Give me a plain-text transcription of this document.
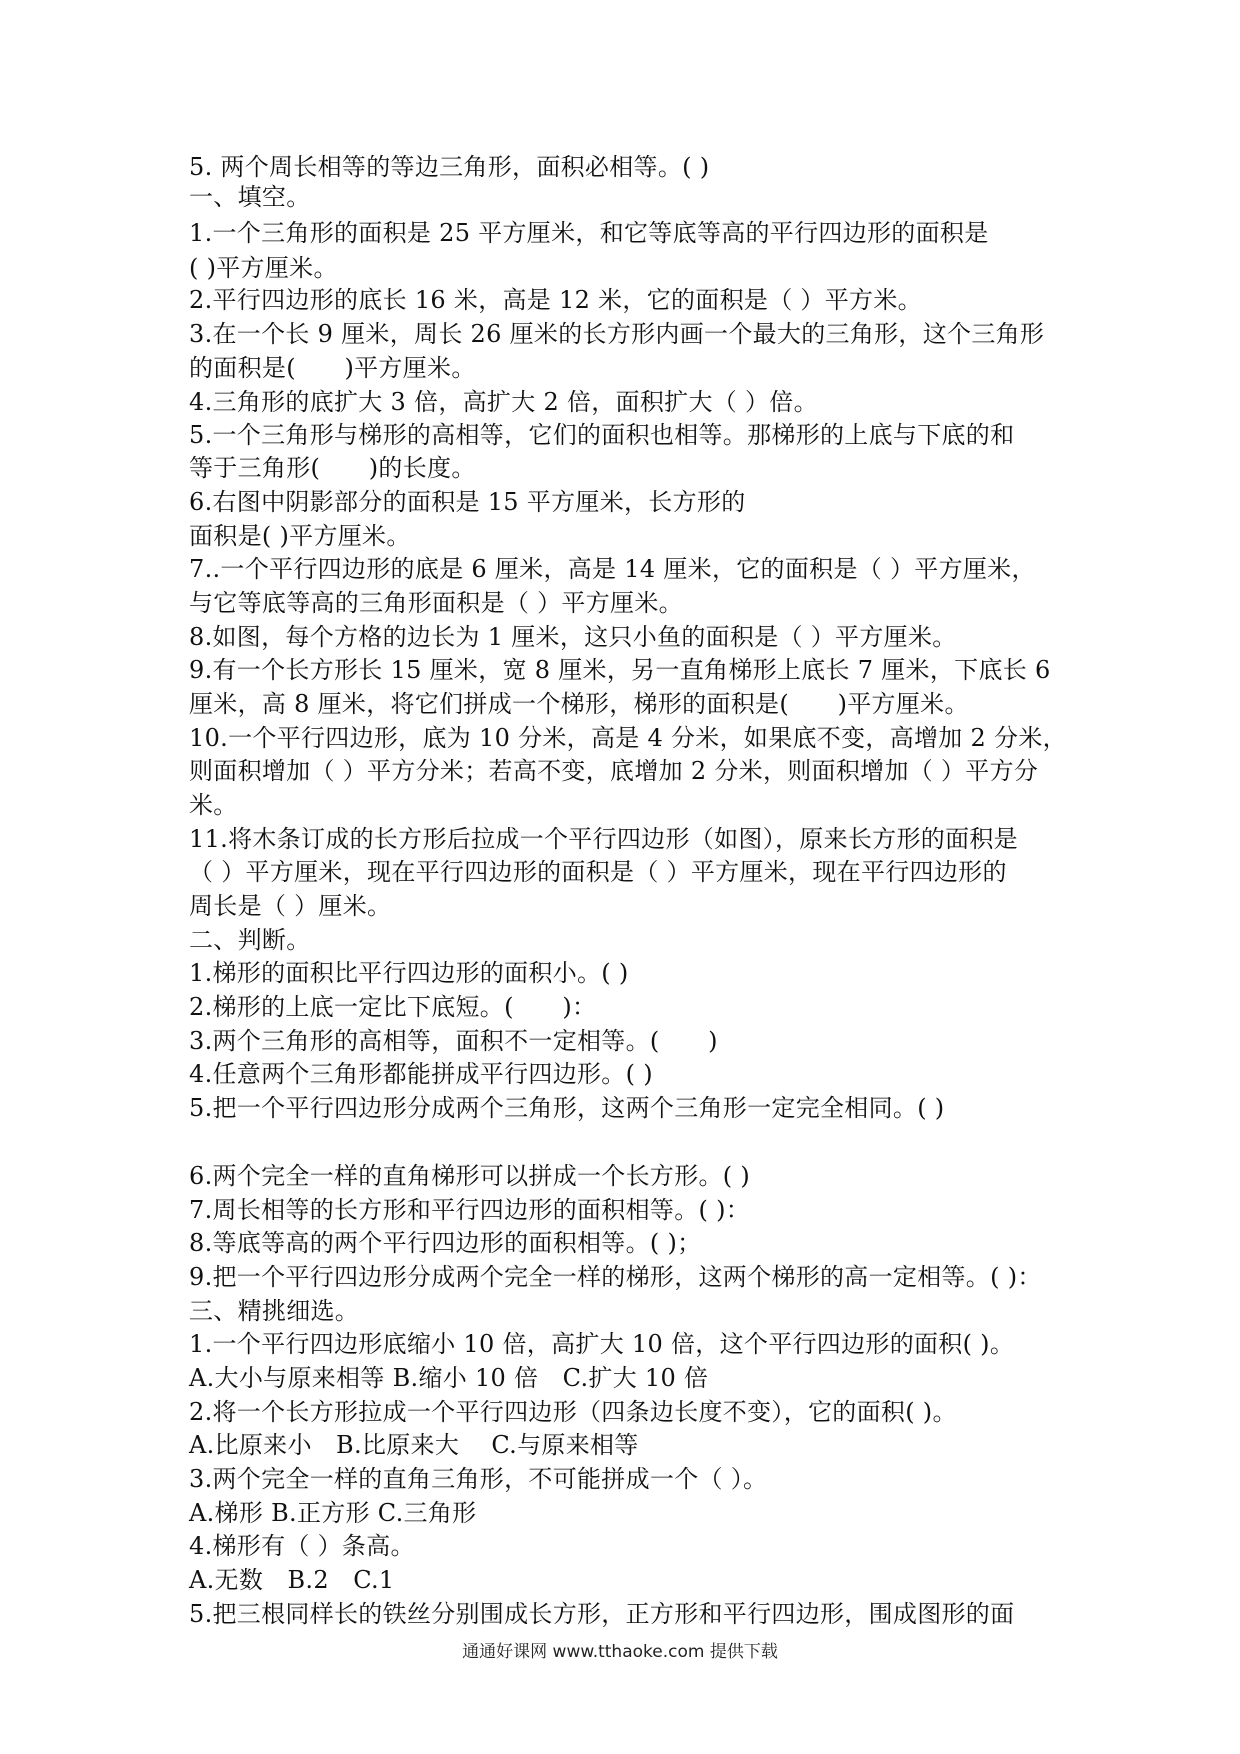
5. 两个周长相等的等边三角形，面积必相等。( )
一、填空。
1.一个三角形的面积是 25 平方厘米，和它等底等高的平行四边形的面积是
( )平方厘米。
2.平行四边形的底长 16 米，高是 12 米，它的面积是（ ）平方米。
3.在一个长 9 厘米，周长 26 厘米的长方形内画一个最大的三角形，这个三角形
的面积是(　　)平方厘米。
4.三角形的底扩大 3 倍，高扩大 2 倍，面积扩大（ ）倍。
5.一个三角形与梯形的高相等，它们的面积也相等。那梯形的上底与下底的和
等于三角形(　　)的长度。
6.右图中阴影部分的面积是 15 平方厘米，长方形的
面积是( )平方厘米。
7..一个平行四边形的底是 6 厘米，高是 14 厘米，它的面积是（ ）平方厘米，
与它等底等高的三角形面积是（ ）平方厘米。
8.如图，每个方格的边长为 1 厘米，这只小鱼的面积是（ ）平方厘米。
9.有一个长方形长 15 厘米，宽 8 厘米，另一直角梯形上底长 7 厘米，下底长 6
厘米，高 8 厘米，将它们拼成一个梯形，梯形的面积是(　　)平方厘米。
10.一个平行四边形，底为 10 分米，高是 4 分米，如果底不变，高增加 2 分米，
则面积增加（ ）平方分米；若高不变，底增加 2 分米，则面积增加（ ）平方分
米。
11.将木条订成的长方形后拉成一个平行四边形（如图），原来长方形的面积是
（ ）平方厘米，现在平行四边形的面积是（ ）平方厘米，现在平行四边形的
周长是（ ）厘米。
二、判断。
1.梯形的面积比平行四边形的面积小。( )
2.梯形的上底一定比下底短。(　　)：
3.两个三角形的高相等，面积不一定相等。(　　)
4.任意两个三角形都能拼成平行四边形。( )
5.把一个平行四边形分成两个三角形，这两个三角形一定完全相同。( )
6.两个完全一样的直角梯形可以拼成一个长方形。( )
7.周长相等的长方形和平行四边形的面积相等。( )：
8.等底等高的两个平行四边形的面积相等。( )；
9.把一个平行四边形分成两个完全一样的梯形，这两个梯形的高一定相等。( )：
三、精挑细选。
1.一个平行四边形底缩小 10 倍，高扩大 10 倍，这个平行四边形的面积( )。
A.大小与原来相等 B.缩小 10 倍　C.扩大 10 倍
2.将一个长方形拉成一个平行四边形（四条边长度不变），它的面积( )。
A.比原来小　B.比原来大　 C.与原来相等
3.两个完全一样的直角三角形，不可能拼成一个（ ）。
A.梯形 B.正方形 C.三角形
4.梯形有（ ）条高。
A.无数　B.2　C.1
5.把三根同样长的铁丝分别围成长方形，正方形和平行四边形，围成图形的面
通通好课网 www.tthaoke.com 提供下载
